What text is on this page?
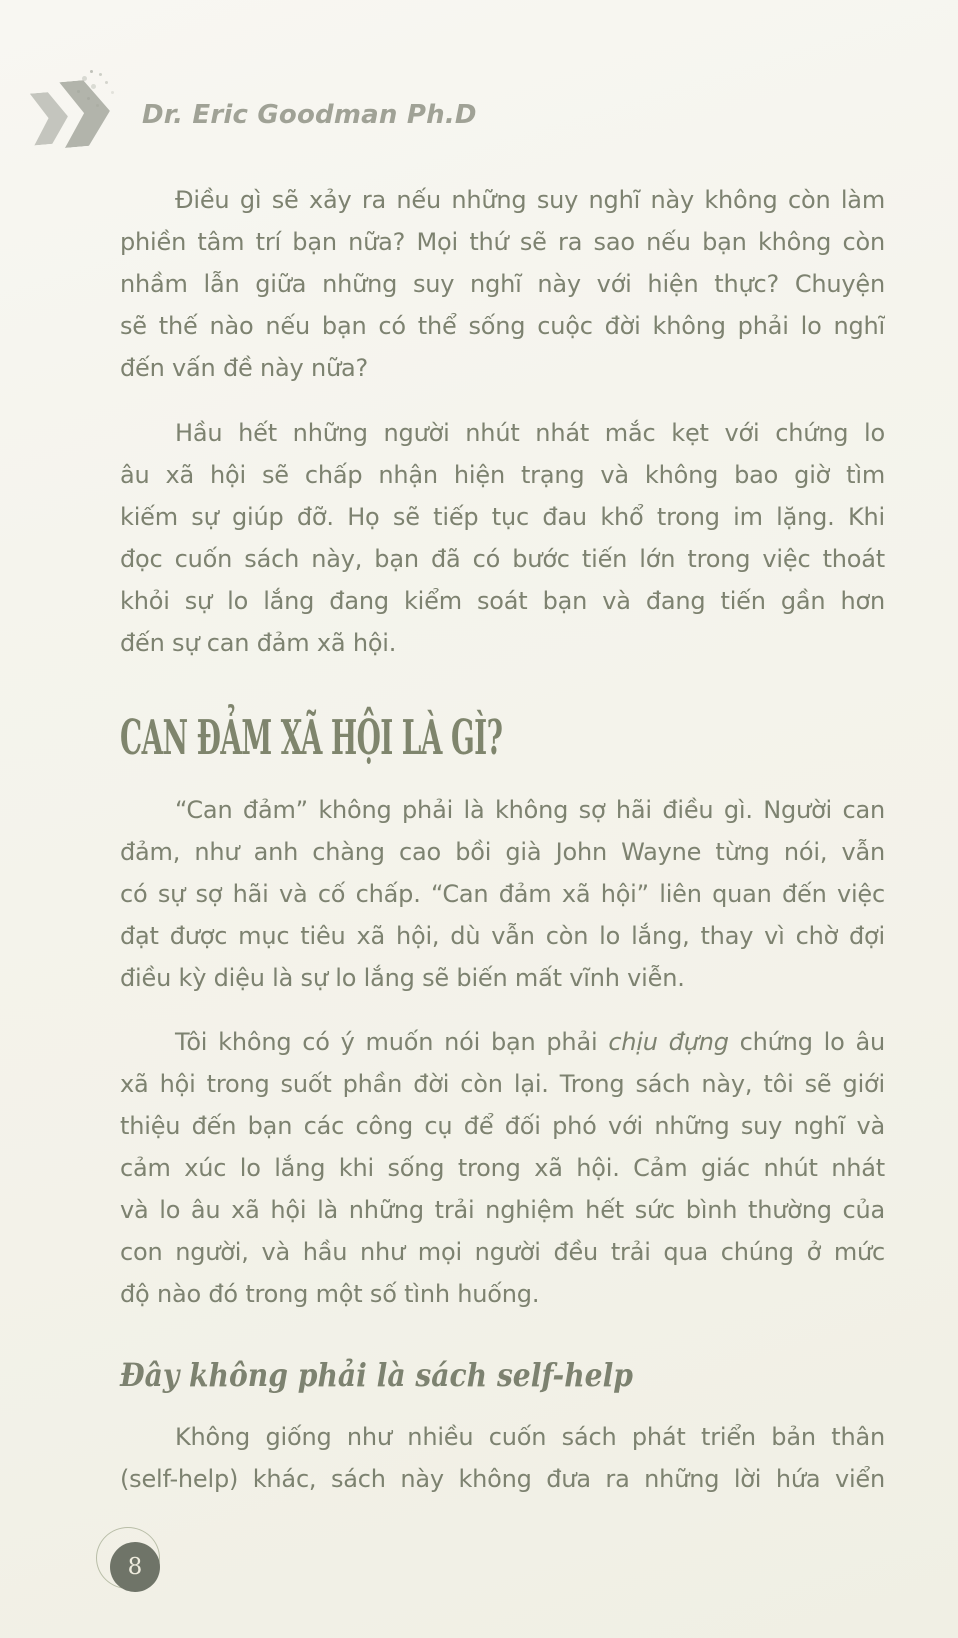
Dr. Eric Goodman Ph.D
Điều gì sẽ xảy ra nếu những suy nghĩ này không còn làm
phiền tâm trí bạn nữa? Mọi thứ sẽ ra sao nếu bạn không còn
nhầm lẫn giữa những suy nghĩ này với hiện thực? Chuyện
sẽ thế nào nếu bạn có thể sống cuộc đời không phải lo nghĩ
đến vấn đề này nữa?
Hầu hết những người nhút nhát mắc kẹt với chứng lo
âu xã hội sẽ chấp nhận hiện trạng và không bao giờ tìm
kiếm sự giúp đỡ. Họ sẽ tiếp tục đau khổ trong im lặng. Khi
đọc cuốn sách này, bạn đã có bước tiến lớn trong việc thoát
khỏi sự lo lắng đang kiểm soát bạn và đang tiến gần hơn
đến sự can đảm xã hội.
CAN ĐẢM XÃ HỘI LÀ GÌ?
“Can đảm” không phải là không sợ hãi điều gì. Người can
đảm, như anh chàng cao bồi già John Wayne từng nói, vẫn
có sự sợ hãi và cố chấp. “Can đảm xã hội” liên quan đến việc
đạt được mục tiêu xã hội, dù vẫn còn lo lắng, thay vì chờ đợi
điều kỳ diệu là sự lo lắng sẽ biến mất vĩnh viễn.
Tôi không có ý muốn nói bạn phải chịu đựng chứng lo âu
xã hội trong suốt phần đời còn lại. Trong sách này, tôi sẽ giới
thiệu đến bạn các công cụ để đối phó với những suy nghĩ và
cảm xúc lo lắng khi sống trong xã hội. Cảm giác nhút nhát
và lo âu xã hội là những trải nghiệm hết sức bình thường của
con người, và hầu như mọi người đều trải qua chúng ở mức
độ nào đó trong một số tình huống.
Đây không phải là sách self-help
Không giống như nhiều cuốn sách phát triển bản thân
(self-help) khác, sách này không đưa ra những lời hứa viển
8
